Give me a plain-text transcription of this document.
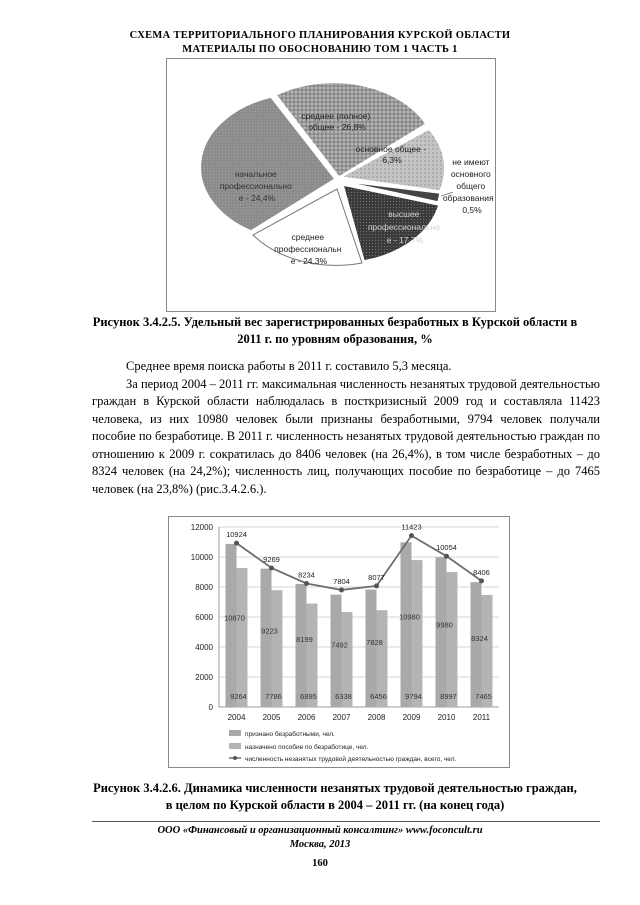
СХЕМА ТЕРРИТОРИАЛЬНОГО ПЛАНИРОВАНИЯ КУРСКОЙ ОБЛАСТИ
МАТЕРИАЛЫ ПО ОБОСНОВАНИЮ ТОМ 1 ЧАСТЬ 1
среднее (полное) общее - 26,8%
основное общее - 6,3%	не имеют основного общего образования - 0,5%
высшее профессионально е - 17,7%
среднее профессиональн е - 24,3%
начальное профессионально е - 24,4%
Рисунок 3.4.2.5. Удельный вес зарегистрированных безработных в Курской области в
2011 г. по уровням образования, %

Среднее время поиска работы в 2011 г. составило 5,3 месяца.

За период 2004 – 2011 гг. максимальная численность незанятых трудовой деятельностью граждан в Курской области наблюдалась в посткризисный 2009 год и составляла 11423 человека, из них 10980 человек были признаны безработными, 9794 человек получали пособие по безработице. В 2011 г. численность незанятых трудовой деятельностью граждан по отношению к 2009 г. сократилась до 8406 человек (на 26,4%), в том числе безработных – до 8324 человек (на 24,2%); численность лиц, получающих пособие по безработице – до 7465 человек (на 23,8%) (рис.3.4.2.6.).

0
2000
4000
6000
8000
10000
12000
10870
9264
9223
7786
8199
6895
7492
6338
7828
6456
10980
9794
9980
8997
8324
7465
10924
9269
8234
7804 8077
11423
10054
8406
2004 2005 2006 2007 2008 2009 2010 2011
признано безработными, чел.
назначено пособие по безработице, чел.
численность незанятых трудовой деятельностью граждан, всего, чел.
Рисунок 3.4.2.6. Динамика численности незанятых трудовой деятельностью граждан,
в целом по Курской области в 2004 – 2011 гг. (на конец года)
ООО «Финансовый и организационный консалтинг» www.foconcult.ru
Москва, 2013
160
